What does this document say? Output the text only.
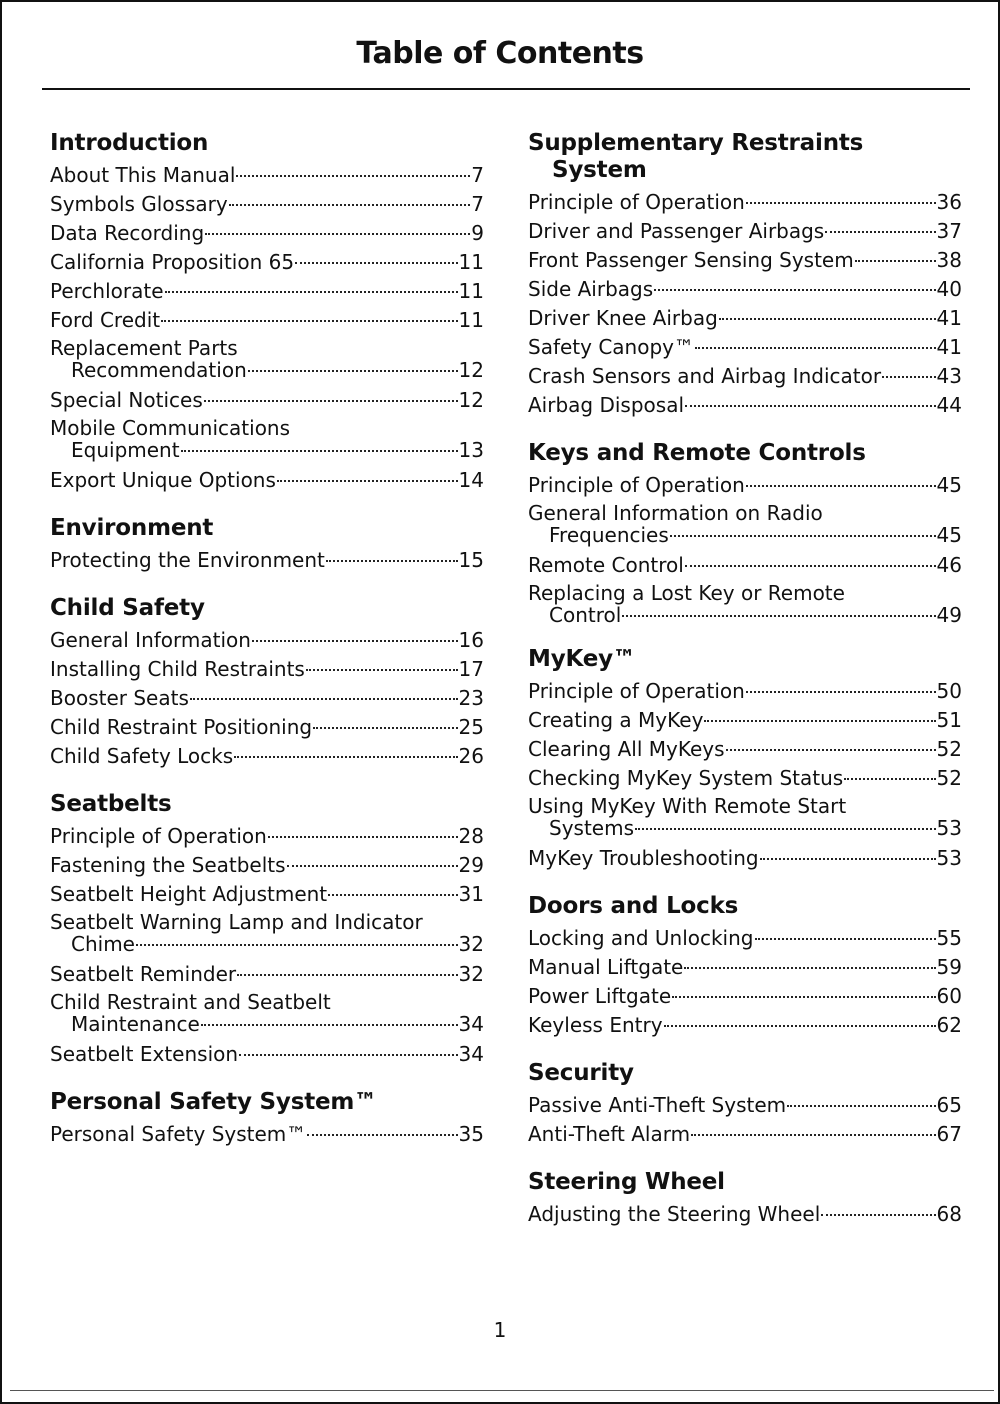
Table of Contents
Introduction
About This Manual	7
Symbols Glossary	7
Data Recording	9
California Proposition 65	11
Perchlorate	11
Ford Credit	11
Replacement Parts
Recommendation	12
Special Notices	12
Mobile Communications
Equipment	13
Export Unique Options	14
Environment
Protecting the Environment	15
Child Safety
General Information	16
Installing Child Restraints	17
Booster Seats	23
Child Restraint Positioning	25
Child Safety Locks	26
Seatbelts
Principle of Operation	28
Fastening the Seatbelts	29
Seatbelt Height Adjustment	31
Seatbelt Warning Lamp and Indicator
Chime	32
Seatbelt Reminder	32
Child Restraint and Seatbelt
Maintenance	34
Seatbelt Extension	34
Personal Safety System™
Personal Safety System™	35
Supplementary Restraints
System
Principle of Operation	36
Driver and Passenger Airbags	37
Front Passenger Sensing System	38
Side Airbags	40
Driver Knee Airbag	41
Safety Canopy™	41
Crash Sensors and Airbag Indicator	43
Airbag Disposal	44
Keys and Remote Controls
Principle of Operation	45
General Information on Radio
Frequencies	45
Remote Control	46
Replacing a Lost Key or Remote
Control	49
MyKey™
Principle of Operation	50
Creating a MyKey	51
Clearing All MyKeys	52
Checking MyKey System Status	52
Using MyKey With Remote Start
Systems	53
MyKey Troubleshooting	53
Doors and Locks
Locking and Unlocking	55
Manual Liftgate	59
Power Liftgate	60
Keyless Entry	62
Security
Passive Anti-Theft System	65
Anti-Theft Alarm	67
Steering Wheel
Adjusting the Steering Wheel	68
1
